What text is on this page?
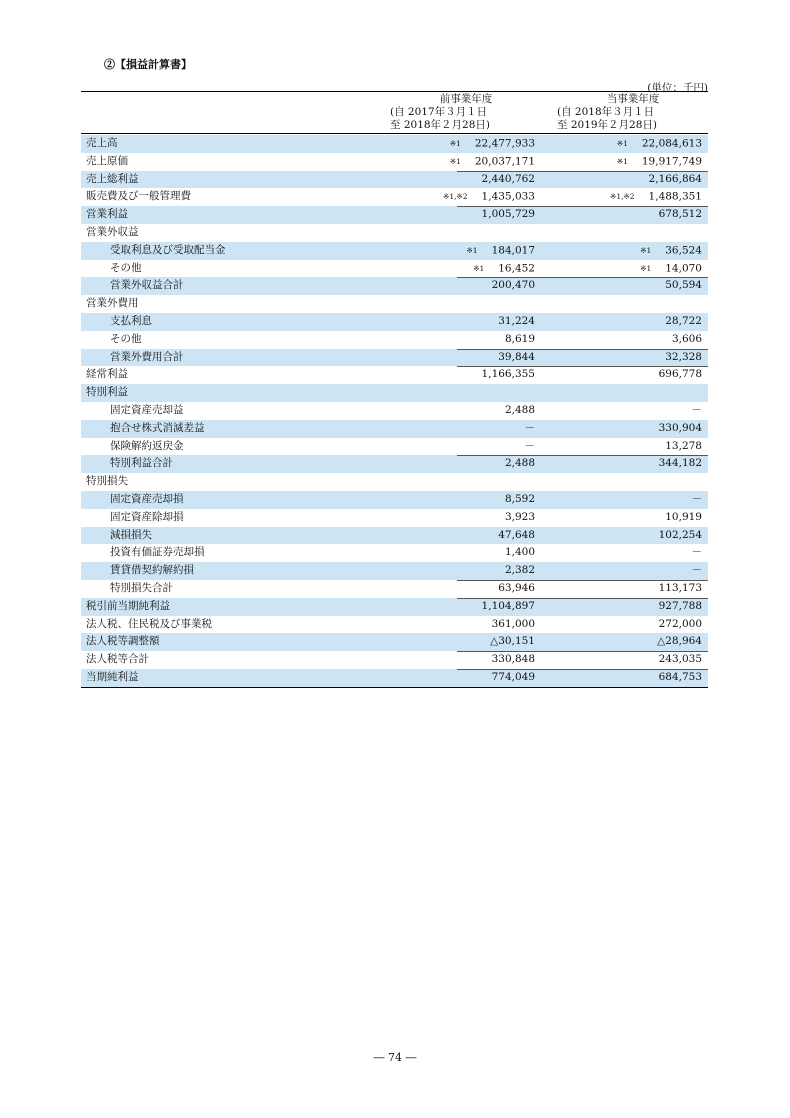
②【損益計算書】
(単位：千円)
前事業年度
(自 2017年３月１日
至 2018年２月28日)
当事業年度
(自 2018年３月１日
至 2019年２月28日)
売上高	※1 22,477,933	※1 22,084,613
売上原価	※1 20,037,171	※1 19,917,749
売上総利益	2,440,762	2,166,864
販売費及び一般管理費	※1,※2 1,435,033	※1,※2 1,488,351
営業利益	1,005,729	678,512
営業外収益
受取利息及び受取配当金	※1 184,017	※1 36,524
その他	※1 16,452	※1 14,070
営業外収益合計	200,470	50,594
営業外費用
支払利息	31,224	28,722
その他	8,619	3,606
営業外費用合計	39,844	32,328
経常利益	1,166,355	696,778
特別利益
固定資産売却益	2,488	－
抱合せ株式消滅差益	－	330,904
保険解約返戻金	－	13,278
特別利益合計	2,488	344,182
特別損失
固定資産売却損	8,592	－
固定資産除却損	3,923	10,919
減損損失	47,648	102,254
投資有価証券売却損	1,400	－
賃貸借契約解約損	2,382	－
特別損失合計	63,946	113,173
税引前当期純利益	1,104,897	927,788
法人税、住民税及び事業税	361,000	272,000
法人税等調整額	△30,151	△28,964
法人税等合計	330,848	243,035
当期純利益	774,049	684,753
― 74 ―
